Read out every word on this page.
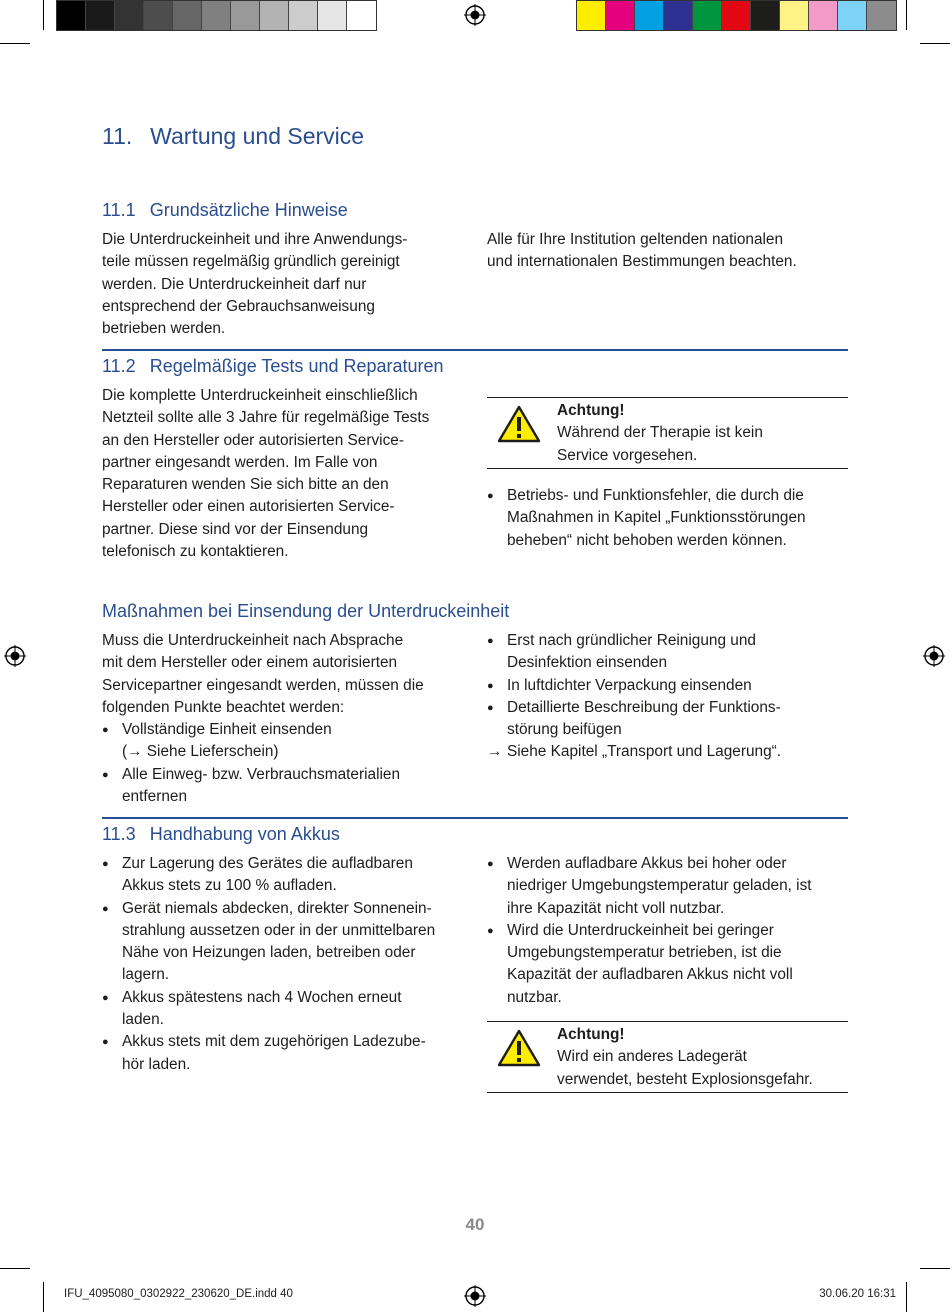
11.  Wartung und Service
11.1  Grundsätzliche Hinweise
Die Unterdruckeinheit und ihre Anwendungs-
teile müssen regelmäßig gründlich gereinigt
werden. Die Unterdruckeinheit darf nur
entsprechend der Gebrauchsanweisung
betrieben werden.
Alle für Ihre Institution geltenden nationalen
und internationalen Bestimmungen beachten.
11.2  Regelmäßige Tests und Reparaturen
Die komplette Unterdruckeinheit einschließlich
Netzteil sollte alle 3 Jahre für regelmäßige Tests
an den Hersteller oder autorisierten Service-
partner eingesandt werden. Im Falle von
Reparaturen wenden Sie sich bitte an den
Hersteller oder einen autorisierten Service-
partner. Diese sind vor der Einsendung
telefonisch zu kontaktieren.
Achtung!
Während der Therapie ist kein
Service vorgesehen.
● Betriebs- und Funktionsfehler, die durch die
Maßnahmen in Kapitel „Funktionsstörungen
beheben“ nicht behoben werden können.
Maßnahmen bei Einsendung der Unterdruckeinheit
Muss die Unterdruckeinheit nach Absprache
mit dem Hersteller oder einem autorisierten
Servicepartner eingesandt werden, müssen die
folgenden Punkte beachtet werden:
● Vollständige Einheit einsenden
(→ Siehe Lieferschein)
● Alle Einweg- bzw. Verbrauchsmaterialien
entfernen
● Erst nach gründlicher Reinigung und
Desinfektion einsenden
● In luftdichter Verpackung einsenden
● Detaillierte Beschreibung der Funktions-
störung beifügen
→ Siehe Kapitel „Transport und Lagerung“.
11.3  Handhabung von Akkus
● Zur Lagerung des Gerätes die aufladbaren
Akkus stets zu 100 % aufladen.
● Gerät niemals abdecken, direkter Sonnenein-
strahlung aussetzen oder in der unmittelbaren
Nähe von Heizungen laden, betreiben oder
lagern.
● Akkus spätestens nach 4 Wochen erneut
laden.
● Akkus stets mit dem zugehörigen Ladezube-
hör laden.
● Werden aufladbare Akkus bei hoher oder
niedriger Umgebungstemperatur geladen, ist
ihre Kapazität nicht voll nutzbar.
● Wird die Unterdruckeinheit bei geringer
Umgebungstemperatur betrieben, ist die
Kapazität der aufladbaren Akkus nicht voll
nutzbar.
Achtung!
Wird ein anderes Ladegerät
verwendet, besteht Explosionsgefahr.
40
IFU_4095080_0302922_230620_DE.indd 40	30.06.20 16:31
